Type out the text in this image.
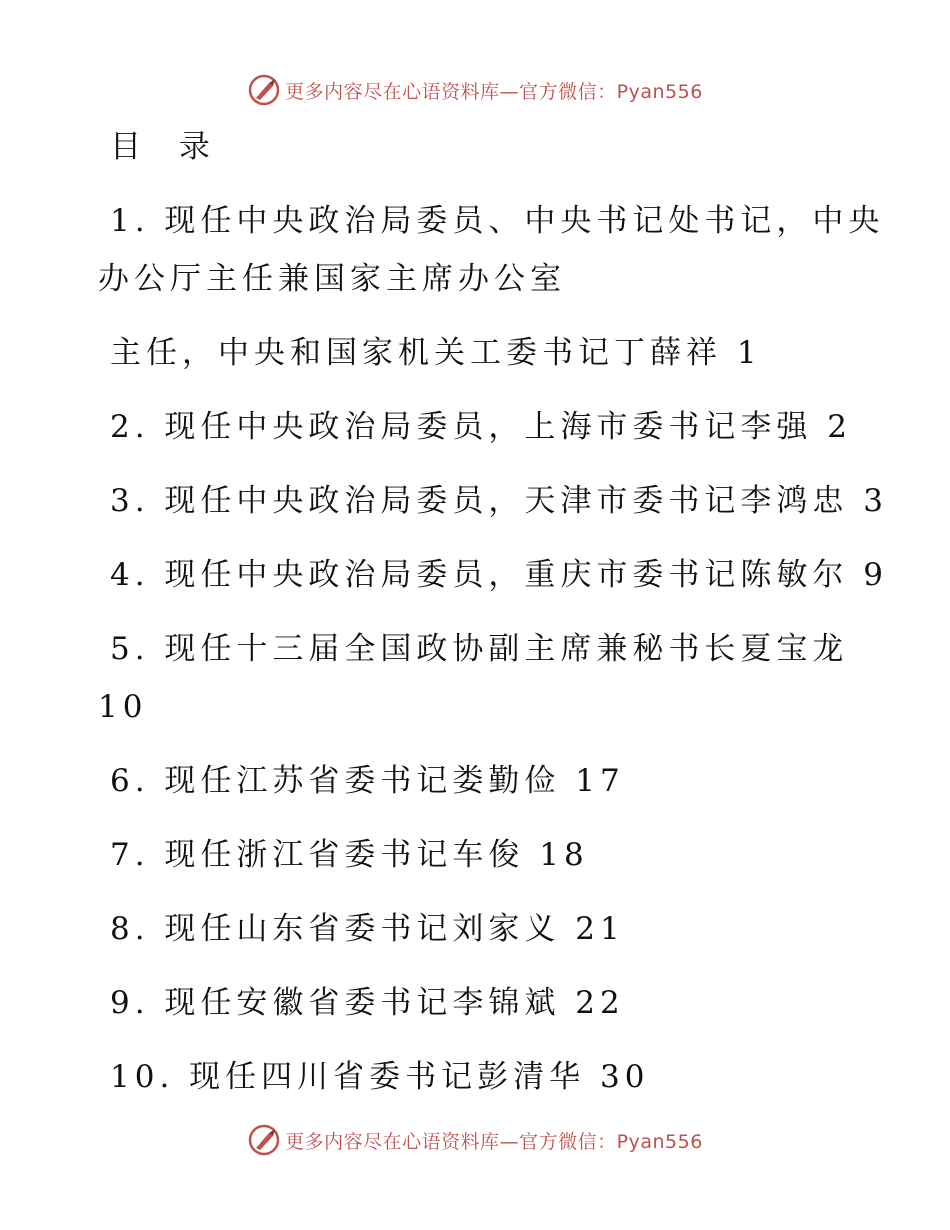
更多内容尽在心语资料库—官方微信：Pyan556
目 录
1. 现任中央政治局委员、中央书记处书记，中央
办公厅主任兼国家主席办公室
主任，中央和国家机关工委书记丁薛祥 1
2. 现任中央政治局委员，上海市委书记李强 2
3. 现任中央政治局委员，天津市委书记李鸿忠 3
4. 现任中央政治局委员，重庆市委书记陈敏尔 9
5. 现任十三届全国政协副主席兼秘书长夏宝龙
10
6. 现任江苏省委书记娄勤俭 17
7. 现任浙江省委书记车俊 18
8. 现任山东省委书记刘家义 21
9. 现任安徽省委书记李锦斌 22
10. 现任四川省委书记彭清华 30
更多内容尽在心语资料库—官方微信：Pyan556
